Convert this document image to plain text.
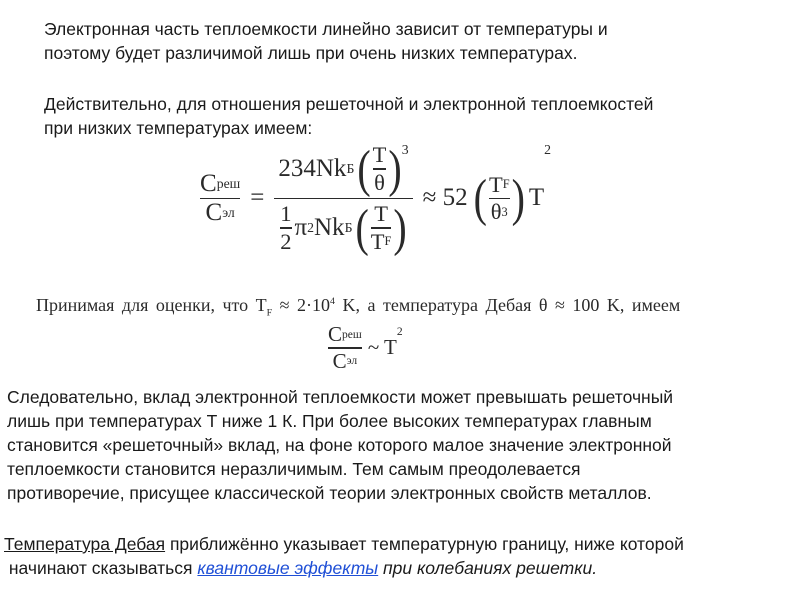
Электронная часть теплоемкости линейно зависит от температуры и
поэтому будет различимой лишь при очень низких температурах.
Действительно, для отношения решеточной и электронной теплоемкостей
при низких температурах имеем:
$\frac{\text{C реш}}{\text{C эл}}$ =
234Nk Б ( $\frac{T}{\theta} )^3$
$\frac{1}{2}$ π 2 Nk Б ( $\frac{T}{\text{T F}}$ )
≈ 52 ( $\frac{\text{T F}}{\theta 3}$ ) T
2
Принимая для оценки, что $T_F \approx 2\cdot 10^4$ K, а температура Дебая θ ≈ 100 K, имеем
$\frac{\text{C реш}}{\text{C эл}}$ ~ T
$^2$
Следовательно, вклад электронной теплоемкости может превышать решеточный
лишь при температурах T ниже 1 К. При более высоких температурах главным
становится «решеточный» вклад, на фоне которого малое значение электронной
теплоемкости становится неразличимым. Тем самым преодолевается
противоречие, присущее классической теории электронных свойств металлов.
Температура Дебая приближённо указывает температурную границу, ниже которой
начинают сказываться квантовые эффекты при колебаниях решетки.
